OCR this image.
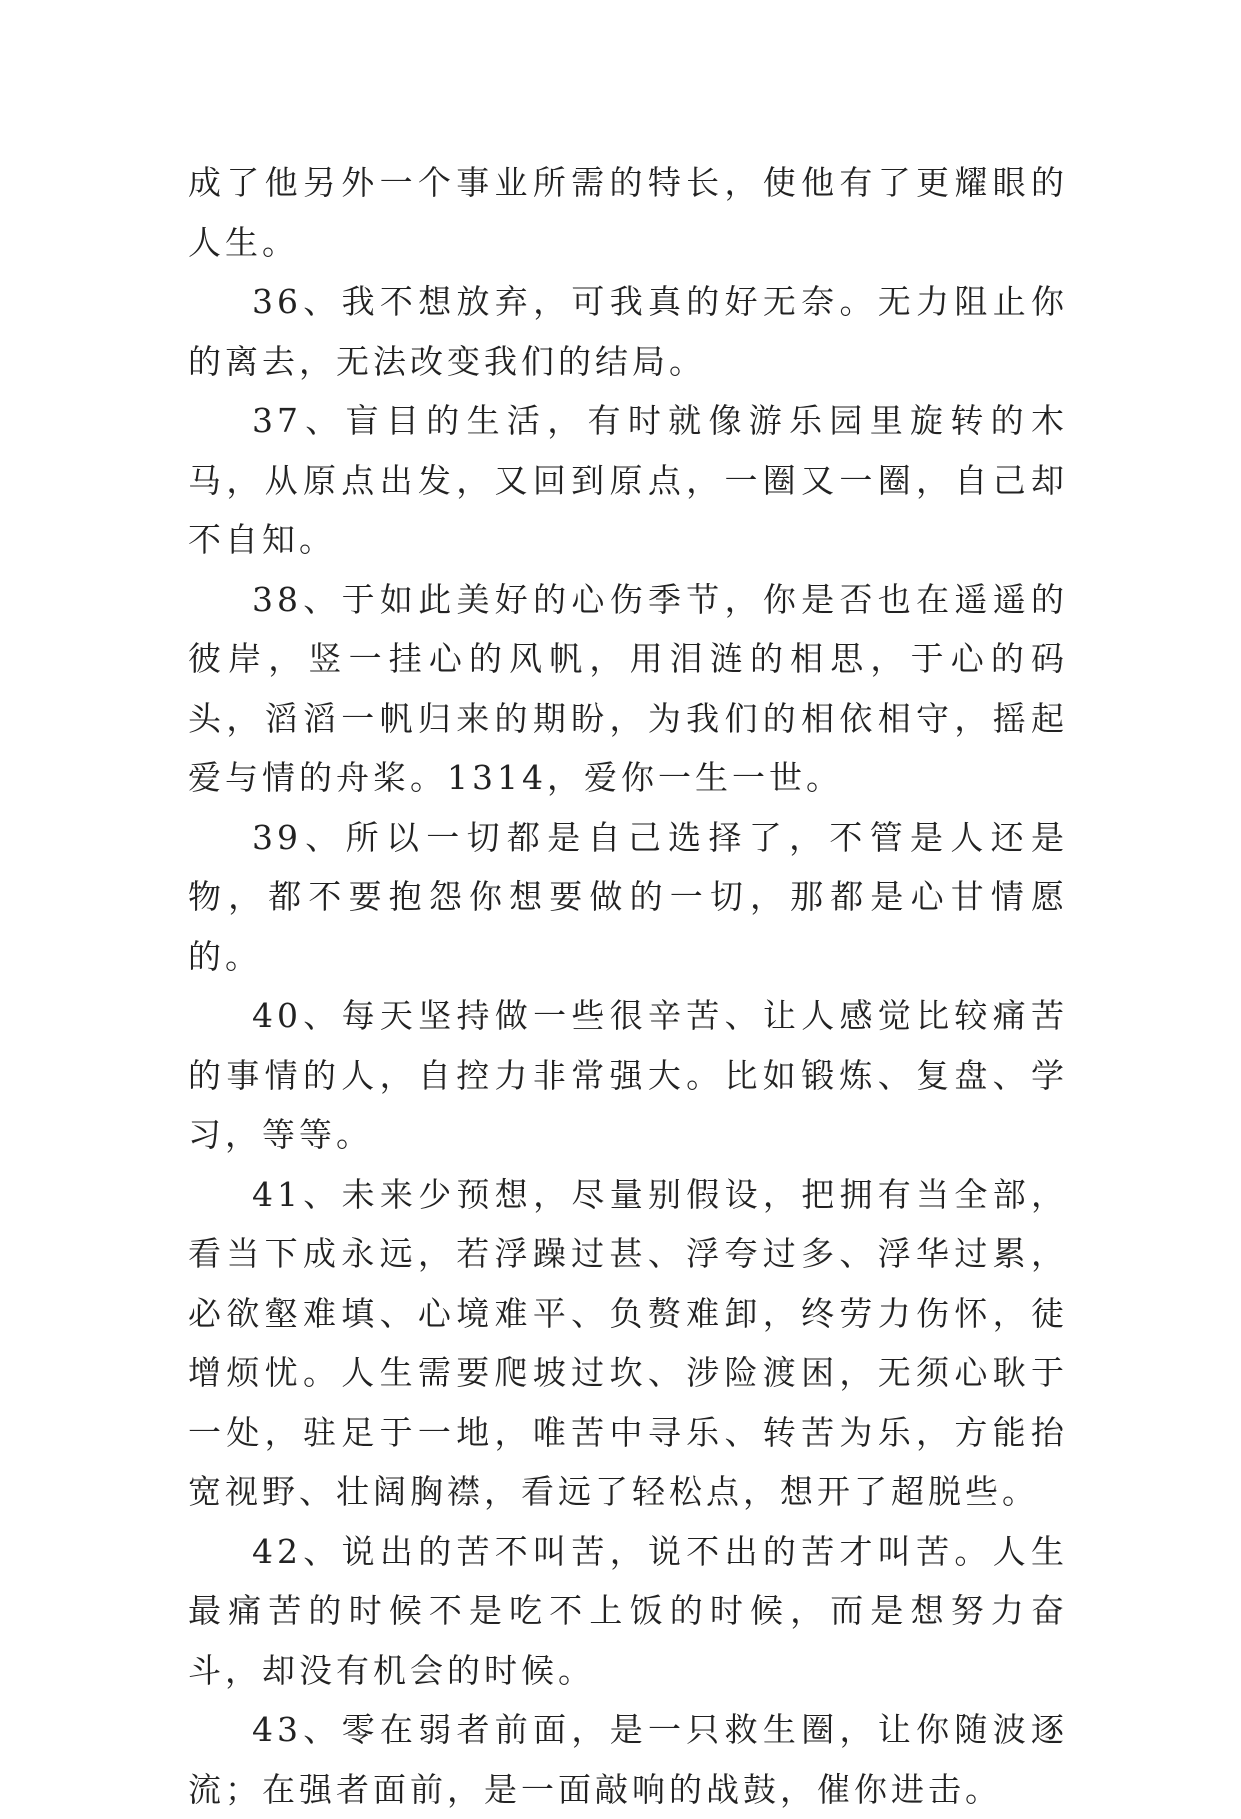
成了他另外一个事业所需的特长，使他有了更耀眼的人生。

36、我不想放弃，可我真的好无奈。无力阻止你的离去，无法改变我们的结局。

37、盲目的生活，有时就像游乐园里旋转的木马，从原点出发，又回到原点，一圈又一圈，自己却不自知。

38、于如此美好的心伤季节，你是否也在遥遥的彼岸，竖一挂心的风帆，用泪涟的相思，于心的码头，滔滔一帆归来的期盼，为我们的相依相守，摇起爱与情的舟桨。1314，爱你一生一世。

39、所以一切都是自己选择了，不管是人还是物，都不要抱怨你想要做的一切，那都是心甘情愿的。

40、每天坚持做一些很辛苦、让人感觉比较痛苦的事情的人，自控力非常强大。比如锻炼、复盘、学习，等等。

41、未来少预想，尽量别假设，把拥有当全部，看当下成永远，若浮躁过甚、浮夸过多、浮华过累，必欲壑难填、心境难平、负赘难卸，终劳力伤怀，徒增烦忧。人生需要爬坡过坎、涉险渡困，无须心耿于一处，驻足于一地，唯苦中寻乐、转苦为乐，方能抬宽视野、壮阔胸襟，看远了轻松点，想开了超脱些。

42、说出的苦不叫苦，说不出的苦才叫苦。人生最痛苦的时候不是吃不上饭的时候，而是想努力奋斗，却没有机会的时候。

43、零在弱者前面，是一只救生圈，让你随波逐流；在强者面前，是一面敲响的战鼓，催你进击。
